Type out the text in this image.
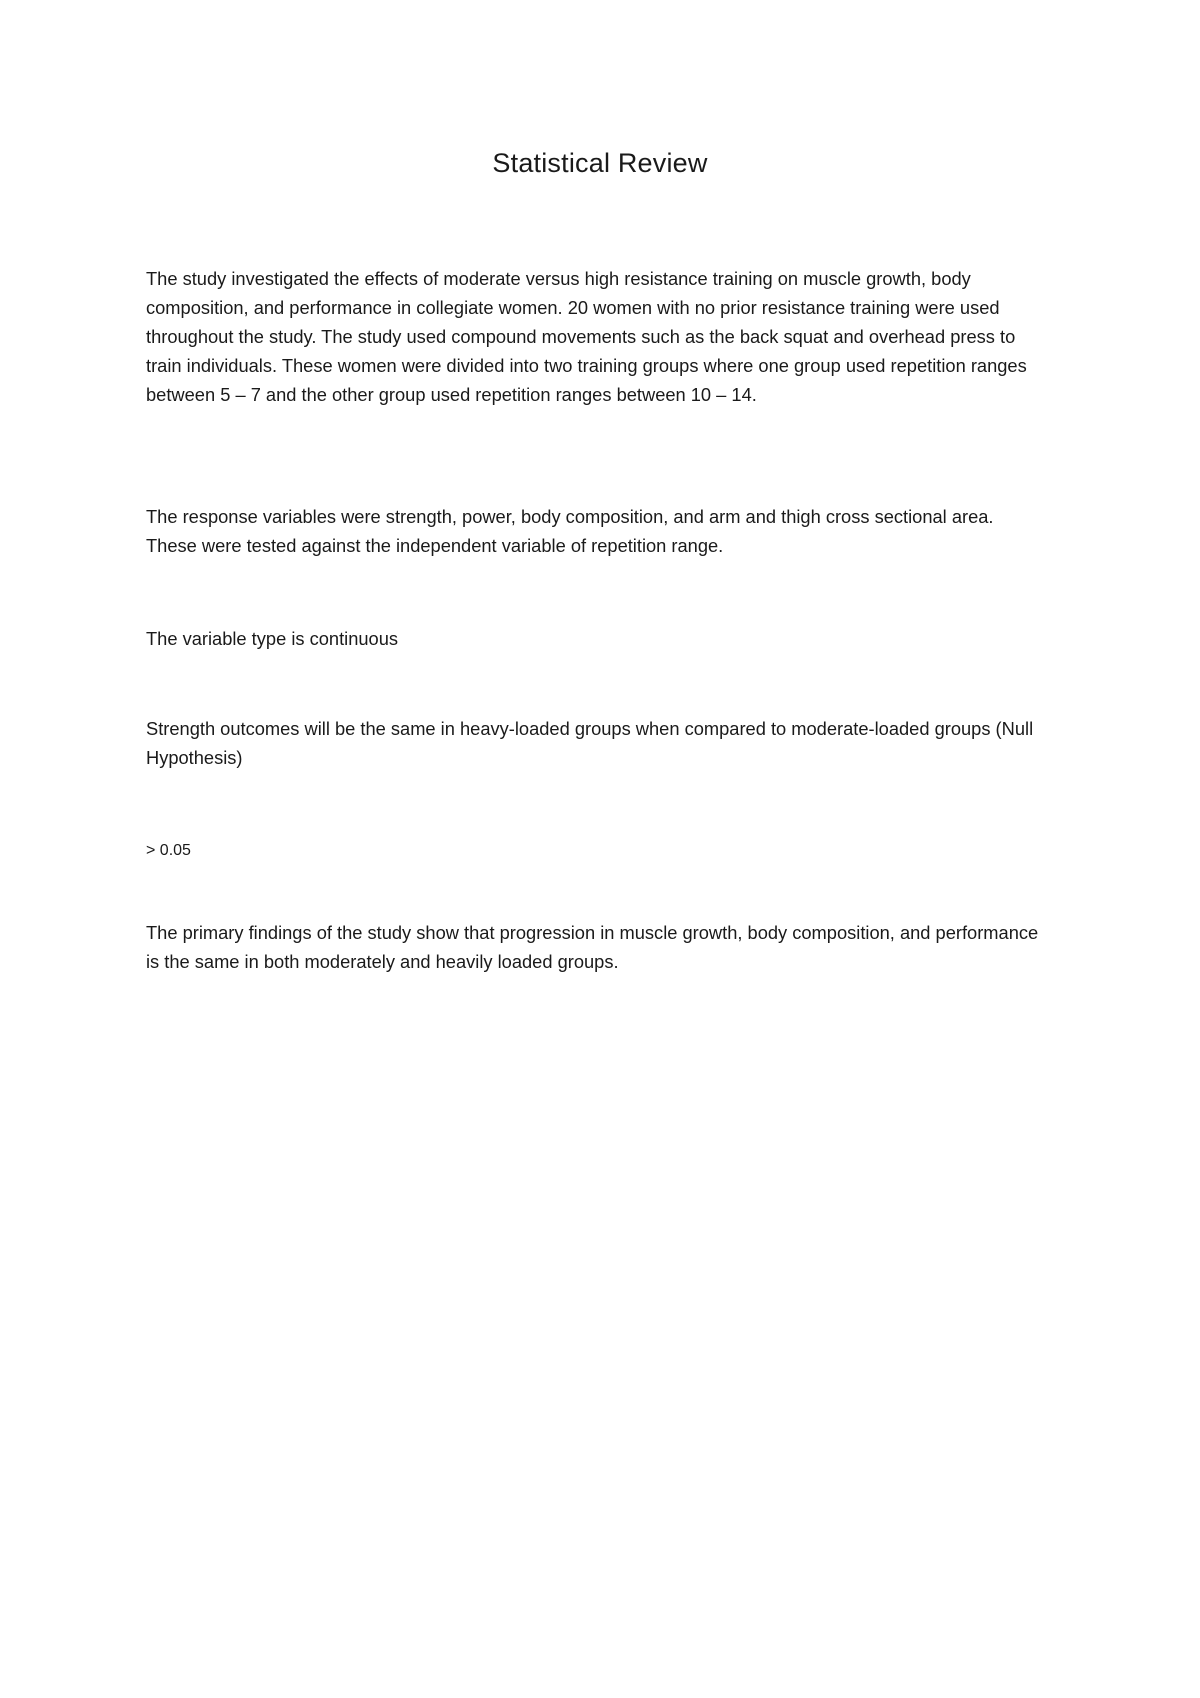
Statistical Review

The study investigated the effects of moderate versus high resistance training on muscle growth, body composition, and performance in collegiate women. 20 women with no prior resistance training were used throughout the study. The study used compound movements such as the back squat and overhead press to train individuals. These women were divided into two training groups where one group used repetition ranges between 5 – 7 and the other group used repetition ranges between 10 – 14.

The response variables were strength, power, body composition, and arm and thigh cross sectional area. These were tested against the independent variable of repetition range.

The variable type is continuous

Strength outcomes will be the same in heavy-loaded groups when compared to moderate-loaded groups (Null Hypothesis)

> 0.05

The primary findings of the study show that progression in muscle growth, body composition, and performance is the same in both moderately and heavily loaded groups.
